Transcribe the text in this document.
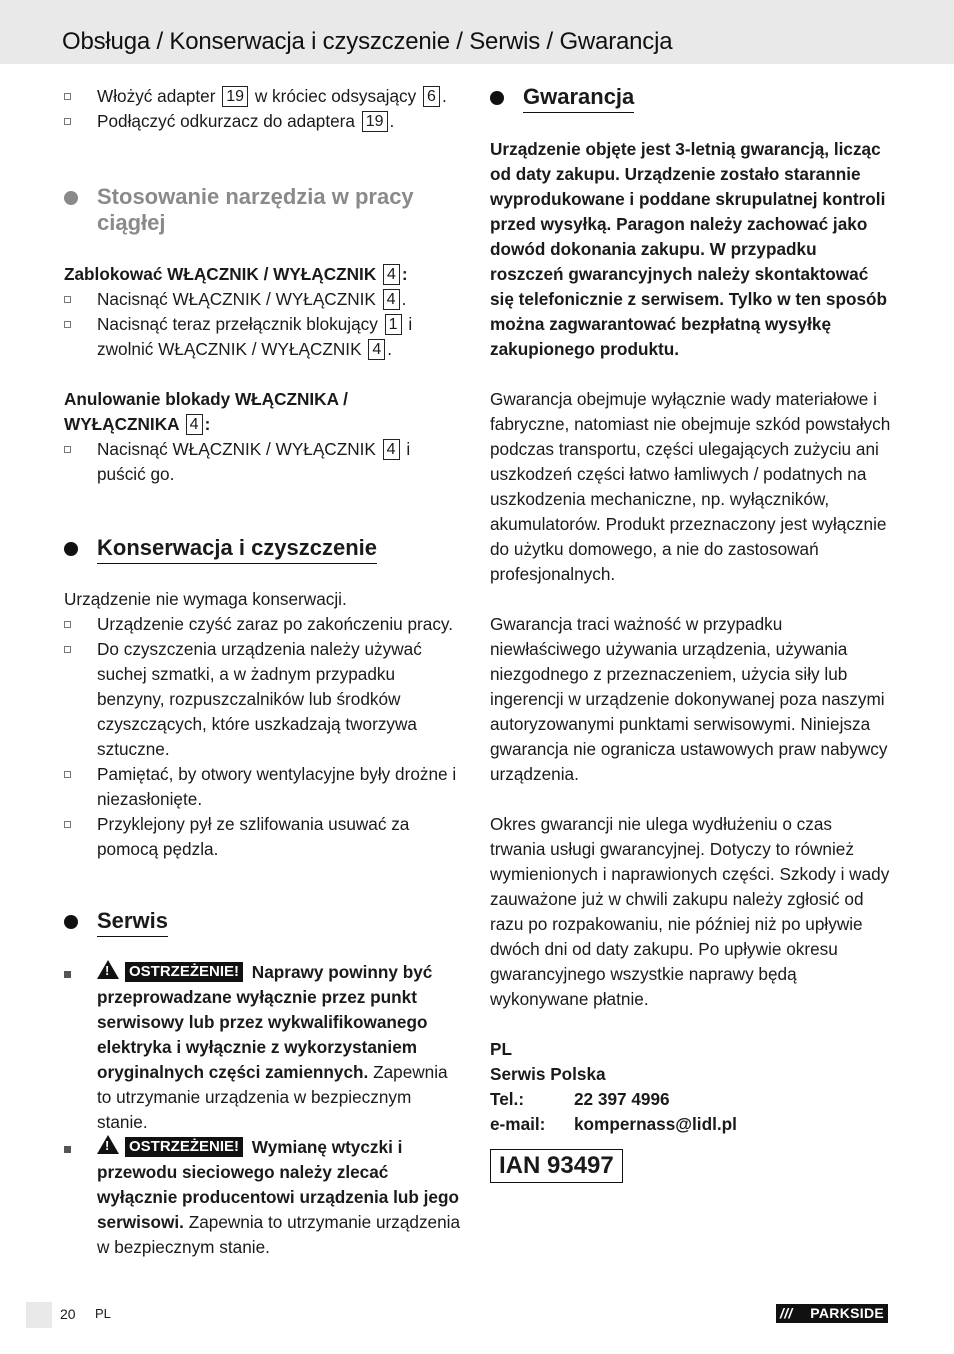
Obsługa / Konserwacja i czyszczenie / Serwis / Gwarancja
Włożyć adapter 19 w króciec odsysający 6 .
Podłączyć odkurzacz do adaptera 19 .
Stosowanie narzędzia w pracy ciągłej

Zablokować WŁĄCZNIK / WYŁĄCZNIK 4 :

Nacisnąć WŁĄCZNIK / WYŁĄCZNIK 4 .
Nacisnąć teraz przełącznik blokujący 1 i zwolnić WŁĄCZNIK / WYŁĄCZNIK 4 .

Anulowanie blokady WŁĄCZNIKA / WYŁĄCZNIKA 4 :

Nacisnąć WŁĄCZNIK / WYŁĄCZNIK 4 i puścić go.
Konserwacja i czyszczenie

Urządzenie nie wymaga konserwacji.

Urządzenie czyść zaraz po zakończeniu pracy.
Do czyszczenia urządzenia należy używać suchej szmatki, a w żadnym przypadku benzyny, rozpuszczalników lub środków czyszczących, które uszkadzają tworzywa sztuczne.
Pamiętać, by otwory wentylacyjne były drożne i niezasłonięte.
Przyklejony pył ze szlifowania usuwać za pomocą pędzla.
Serwis
!OSTRZEŻENIE! Naprawy powinny być przeprowadzane wyłącznie przez punkt serwisowy lub przez wykwalifikowanego elektryka i wyłącznie z wykorzystaniem oryginalnych części zamiennych. Zapewnia to utrzymanie urządzenia w bezpiecznym stanie.
!OSTRZEŻENIE! Wymianę wtyczki i przewodu sieciowego należy zlecać wyłącznie producentowi urządzenia lub jego serwisowi. Zapewnia to utrzymanie urządzenia w bezpiecznym stanie.
Gwarancja

Urządzenie objęte jest 3-letnią gwarancją, licząc od daty zakupu. Urządzenie zostało starannie wyprodukowane i poddane skrupulatnej kontroli przed wysyłką. Paragon należy zachować jako dowód dokonania zakupu. W przypadku roszczeń gwarancyjnych należy skontaktować się telefonicznie z serwisem. Tylko w ten sposób można zagwarantować bezpłatną wysyłkę zakupionego produktu.

Gwarancja obejmuje wyłącznie wady materiałowe i fabryczne, natomiast nie obejmuje szkód powstałych podczas transportu, części ulegających zużyciu ani uszkodzeń części łatwo łamliwych / podatnych na uszkodzenia mechaniczne, np. wyłączników, akumulatorów. Produkt przeznaczony jest wyłącznie do użytku domowego, a nie do zastosowań profesjonalnych.

Gwarancja traci ważność w przypadku niewłaściwego używania urządzenia, używania niezgodnego z przeznaczeniem, użycia siły lub ingerencji w urządzenie dokonywanej poza naszymi autoryzowanymi punktami serwisowymi. Niniejsza gwarancja nie ogranicza ustawowych praw nabywcy urządzenia.

Okres gwarancji nie ulega wydłużeniu o czas trwania usługi gwarancyjnej. Dotyczy to również wymienionych i naprawionych części. Szkody i wady zauważone już w chwili zakupu należy zgłosić od razu po rozpakowaniu, nie później niż po upływie dwóch dni od daty zakupu. Po upływie okresu gwarancyjnego wszystkie naprawy będą wykonywane płatnie.

PL
Serwis Polska
Tel.:	22 397 4996
e-mail: kompernass@lidl.pl
IAN 93497
20 PL	/// PARKSIDE
